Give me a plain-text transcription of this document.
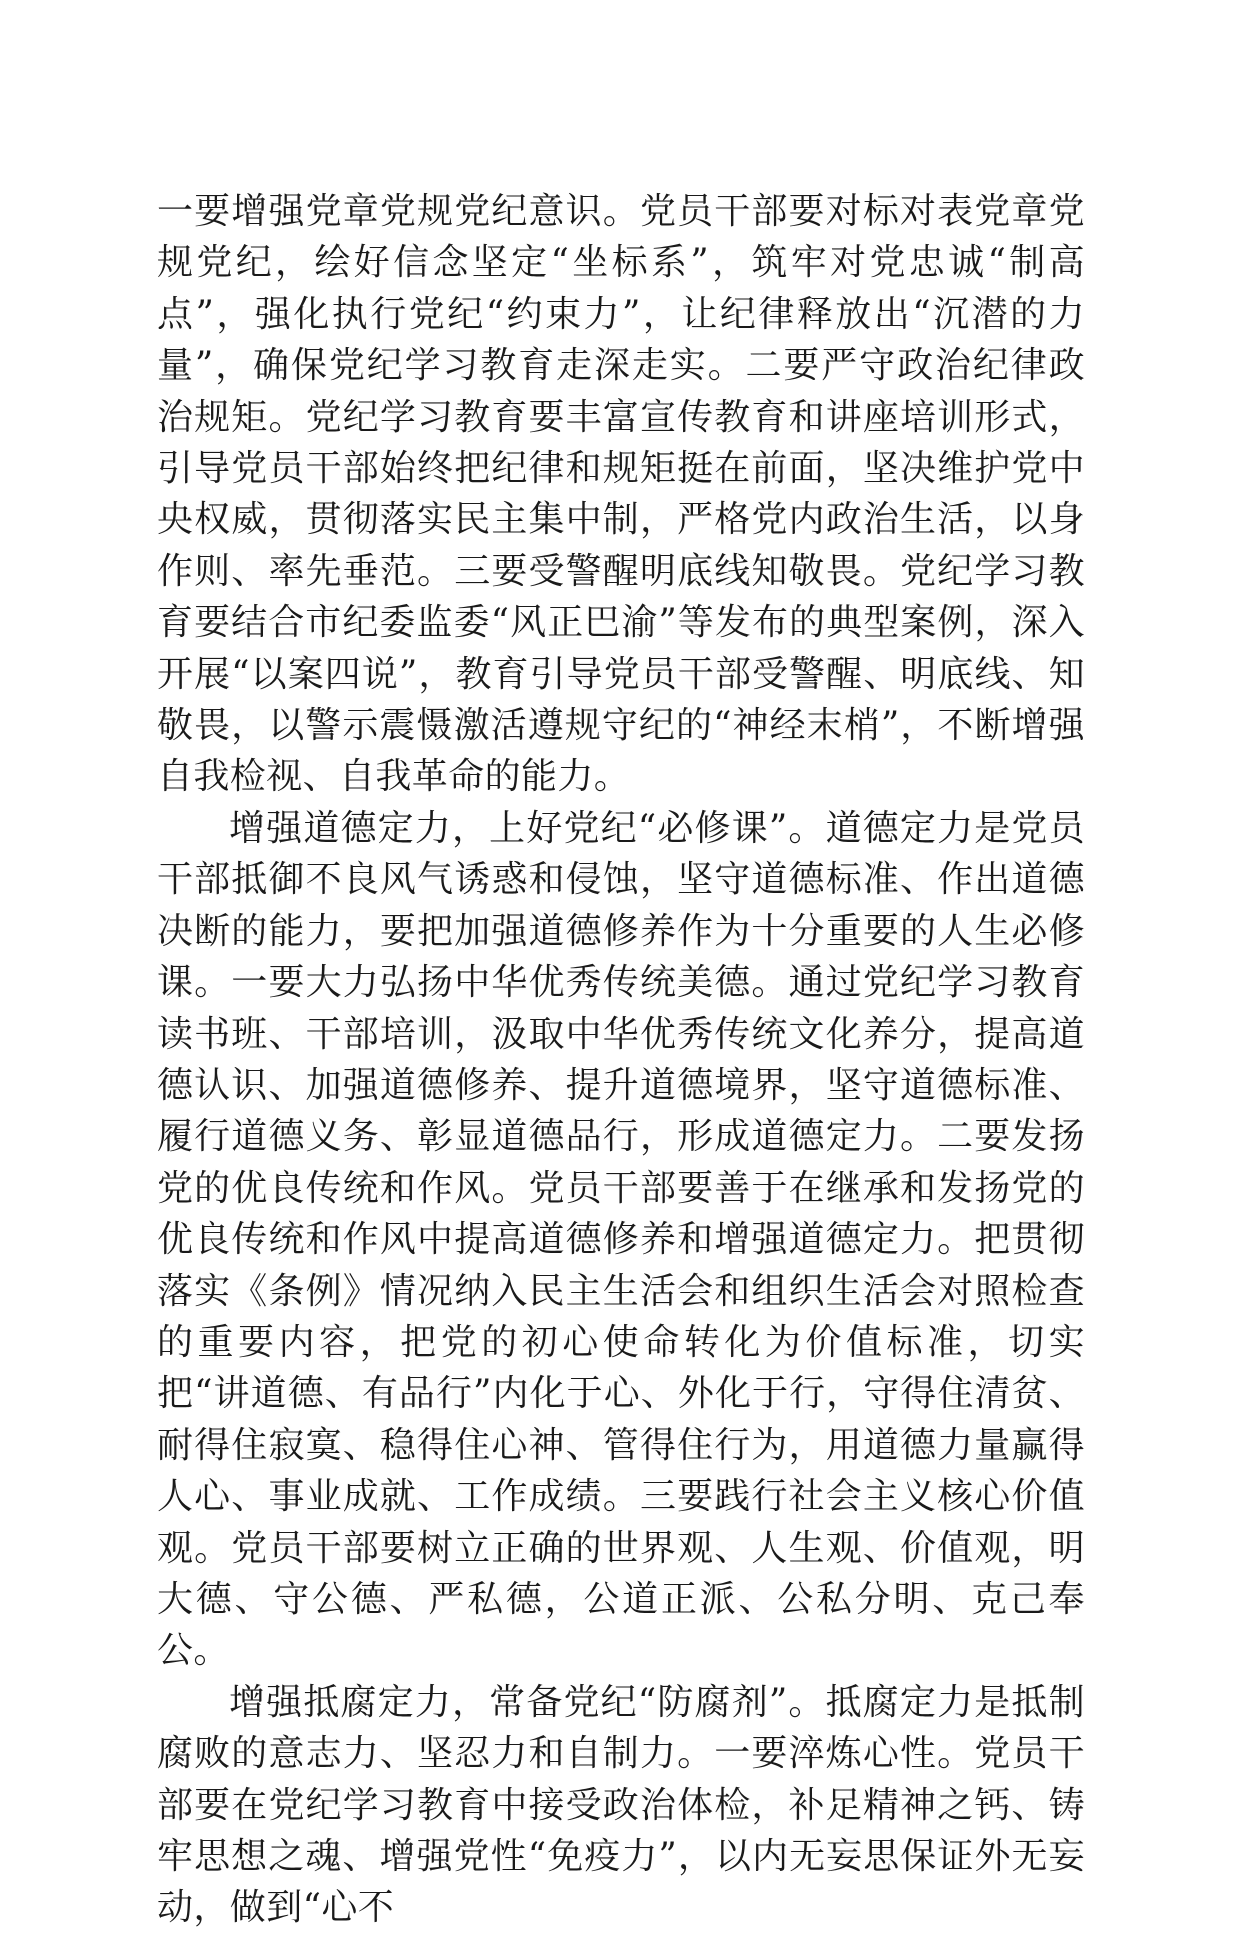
一要增强党章党规党纪意识。党员干部要对标对表党章党规党纪，绘好信念坚定“坐标系”，筑牢对党忠诚“制高点”，强化执行党纪“约束力”，让纪律释放出“沉潜的力量”，确保党纪学习教育走深走实。二要严守政治纪律政治规矩。党纪学习教育要丰富宣传教育和讲座培训形式，引导党员干部始终把纪律和规矩挺在前面，坚决维护党中央权威，贯彻落实民主集中制，严格党内政治生活，以身作则、率先垂范。三要受警醒明底线知敬畏。党纪学习教育要结合市纪委监委“风正巴渝”等发布的典型案例，深入开展“以案四说”，教育引导党员干部受警醒、明底线、知敬畏，以警示震慑激活遵规守纪的“神经末梢”，不断增强自我检视、自我革命的能力。

增强道德定力，上好党纪“必修课”。道德定力是党员干部抵御不良风气诱惑和侵蚀，坚守道德标准、作出道德决断的能力，要把加强道德修养作为十分重要的人生必修课。一要大力弘扬中华优秀传统美德。通过党纪学习教育读书班、干部培训，汲取中华优秀传统文化养分，提高道德认识、加强道德修养、提升道德境界，坚守道德标准、履行道德义务、彰显道德品行，形成道德定力。二要发扬党的优良传统和作风。党员干部要善于在继承和发扬党的优良传统和作风中提高道德修养和增强道德定力。把贯彻落实《条例》情况纳入民主生活会和组织生活会对照检查的重要内容，把党的初心使命转化为价值标准，切实把“讲道德、有品行”内化于心、外化于行，守得住清贫、耐得住寂寞、稳得住心神、管得住行为，用道德力量赢得人心、事业成就、工作成绩。三要践行社会主义核心价值观。党员干部要树立正确的世界观、人生观、价值观，明大德、守公德、严私德，公道正派、公私分明、克己奉公。

增强抵腐定力，常备党纪“防腐剂”。抵腐定力是抵制腐败的意志力、坚忍力和自制力。一要淬炼心性。党员干部要在党纪学习教育中接受政治体检，补足精神之钙、铸牢思想之魂、增强党性“免疫力”，以内无妄思保证外无妄动，做到“心不
